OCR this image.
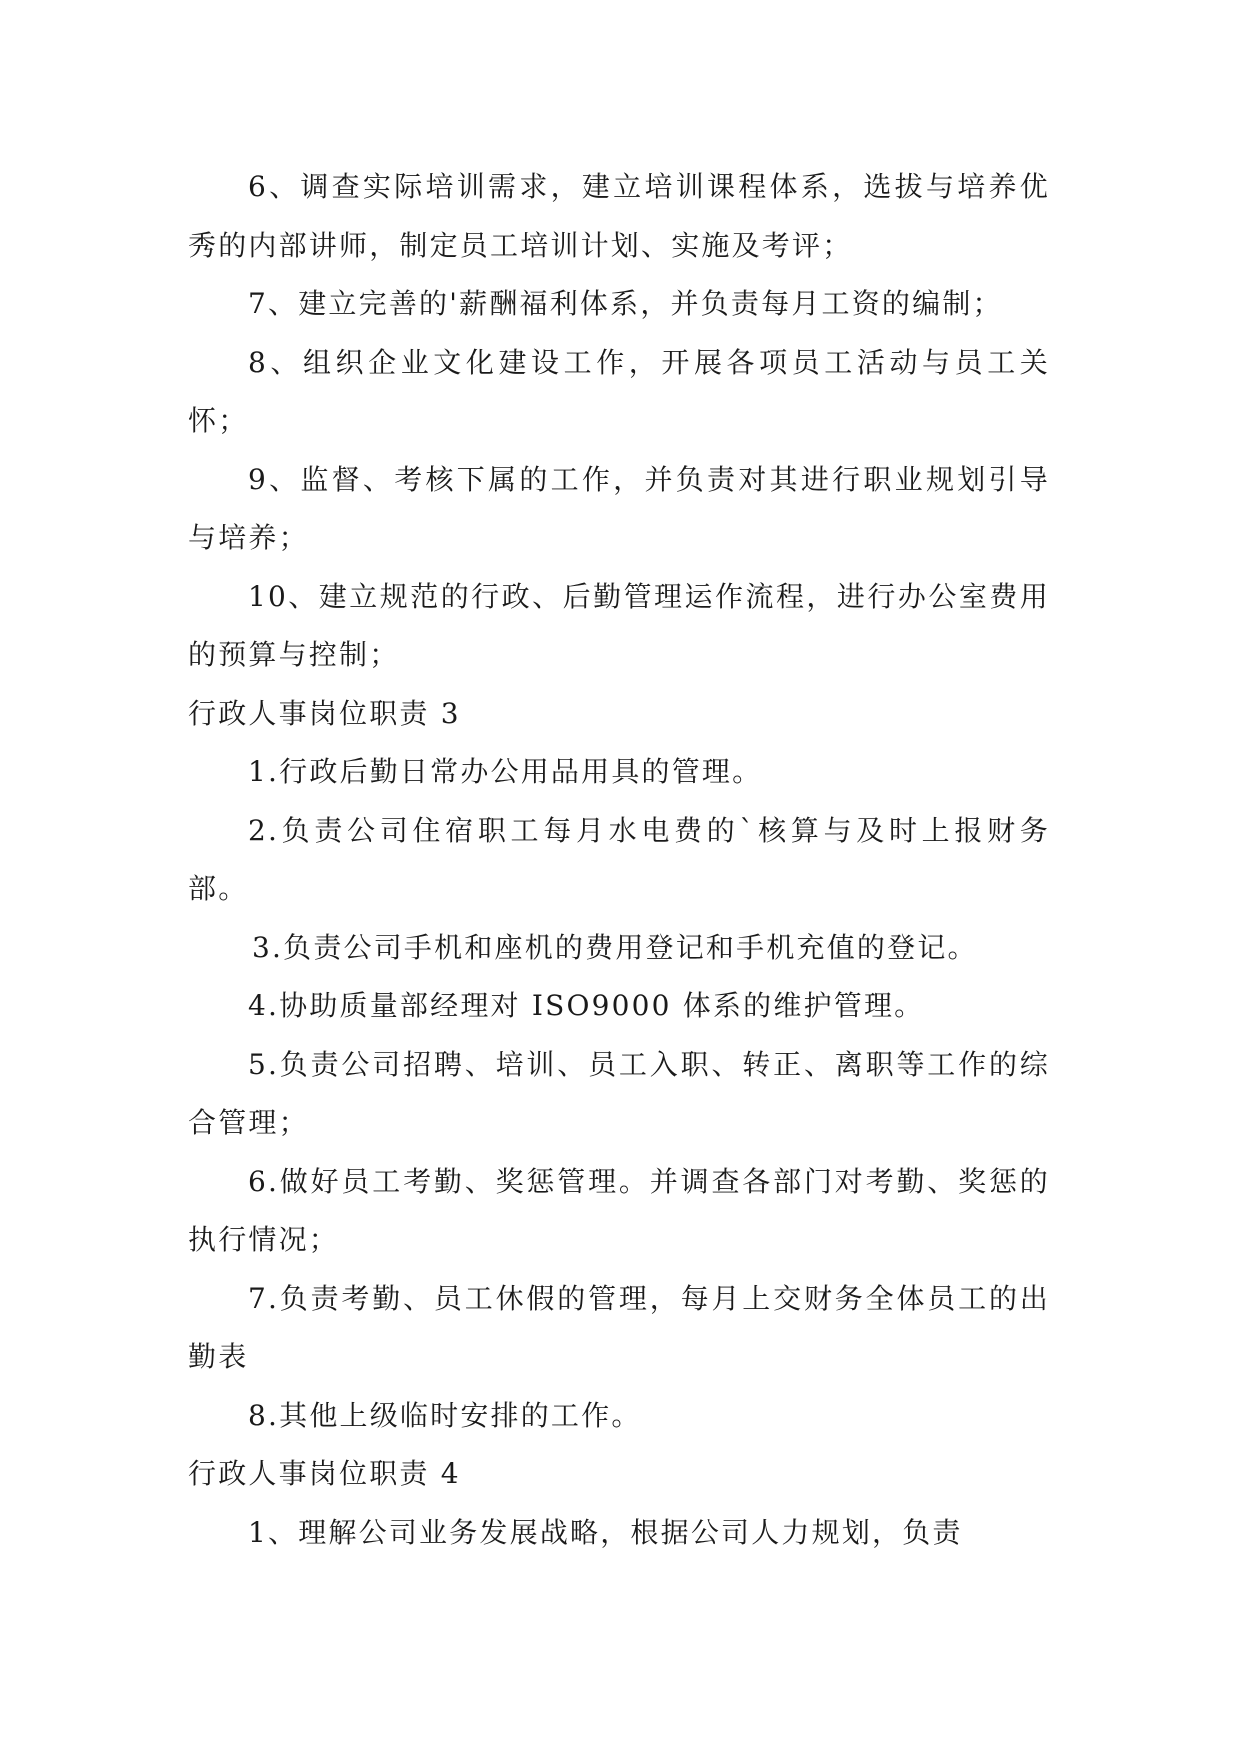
6、调查实际培训需求，建立培训课程体系，选拔与培养优秀的内部讲师，制定员工培训计划、实施及考评；

7、建立完善的'薪酬福利体系，并负责每月工资的编制；

8、组织企业文化建设工作，开展各项员工活动与员工关怀；

9、监督、考核下属的工作，并负责对其进行职业规划引导与培养；

10、建立规范的行政、后勤管理运作流程，进行办公室费用的预算与控制；

行政人事岗位职责 3

1.行政后勤日常办公用品用具的管理。

2.负责公司住宿职工每月水电费的`核算与及时上报财务部。

3.负责公司手机和座机的费用登记和手机充值的登记。

4.协助质量部经理对 ISO9000 体系的维护管理。

5.负责公司招聘、培训、员工入职、转正、离职等工作的综合管理；

6.做好员工考勤、奖惩管理。并调查各部门对考勤、奖惩的执行情况；

7.负责考勤、员工休假的管理，每月上交财务全体员工的出勤表

8.其他上级临时安排的工作。

行政人事岗位职责 4

1、理解公司业务发展战略，根据公司人力规划，负责
